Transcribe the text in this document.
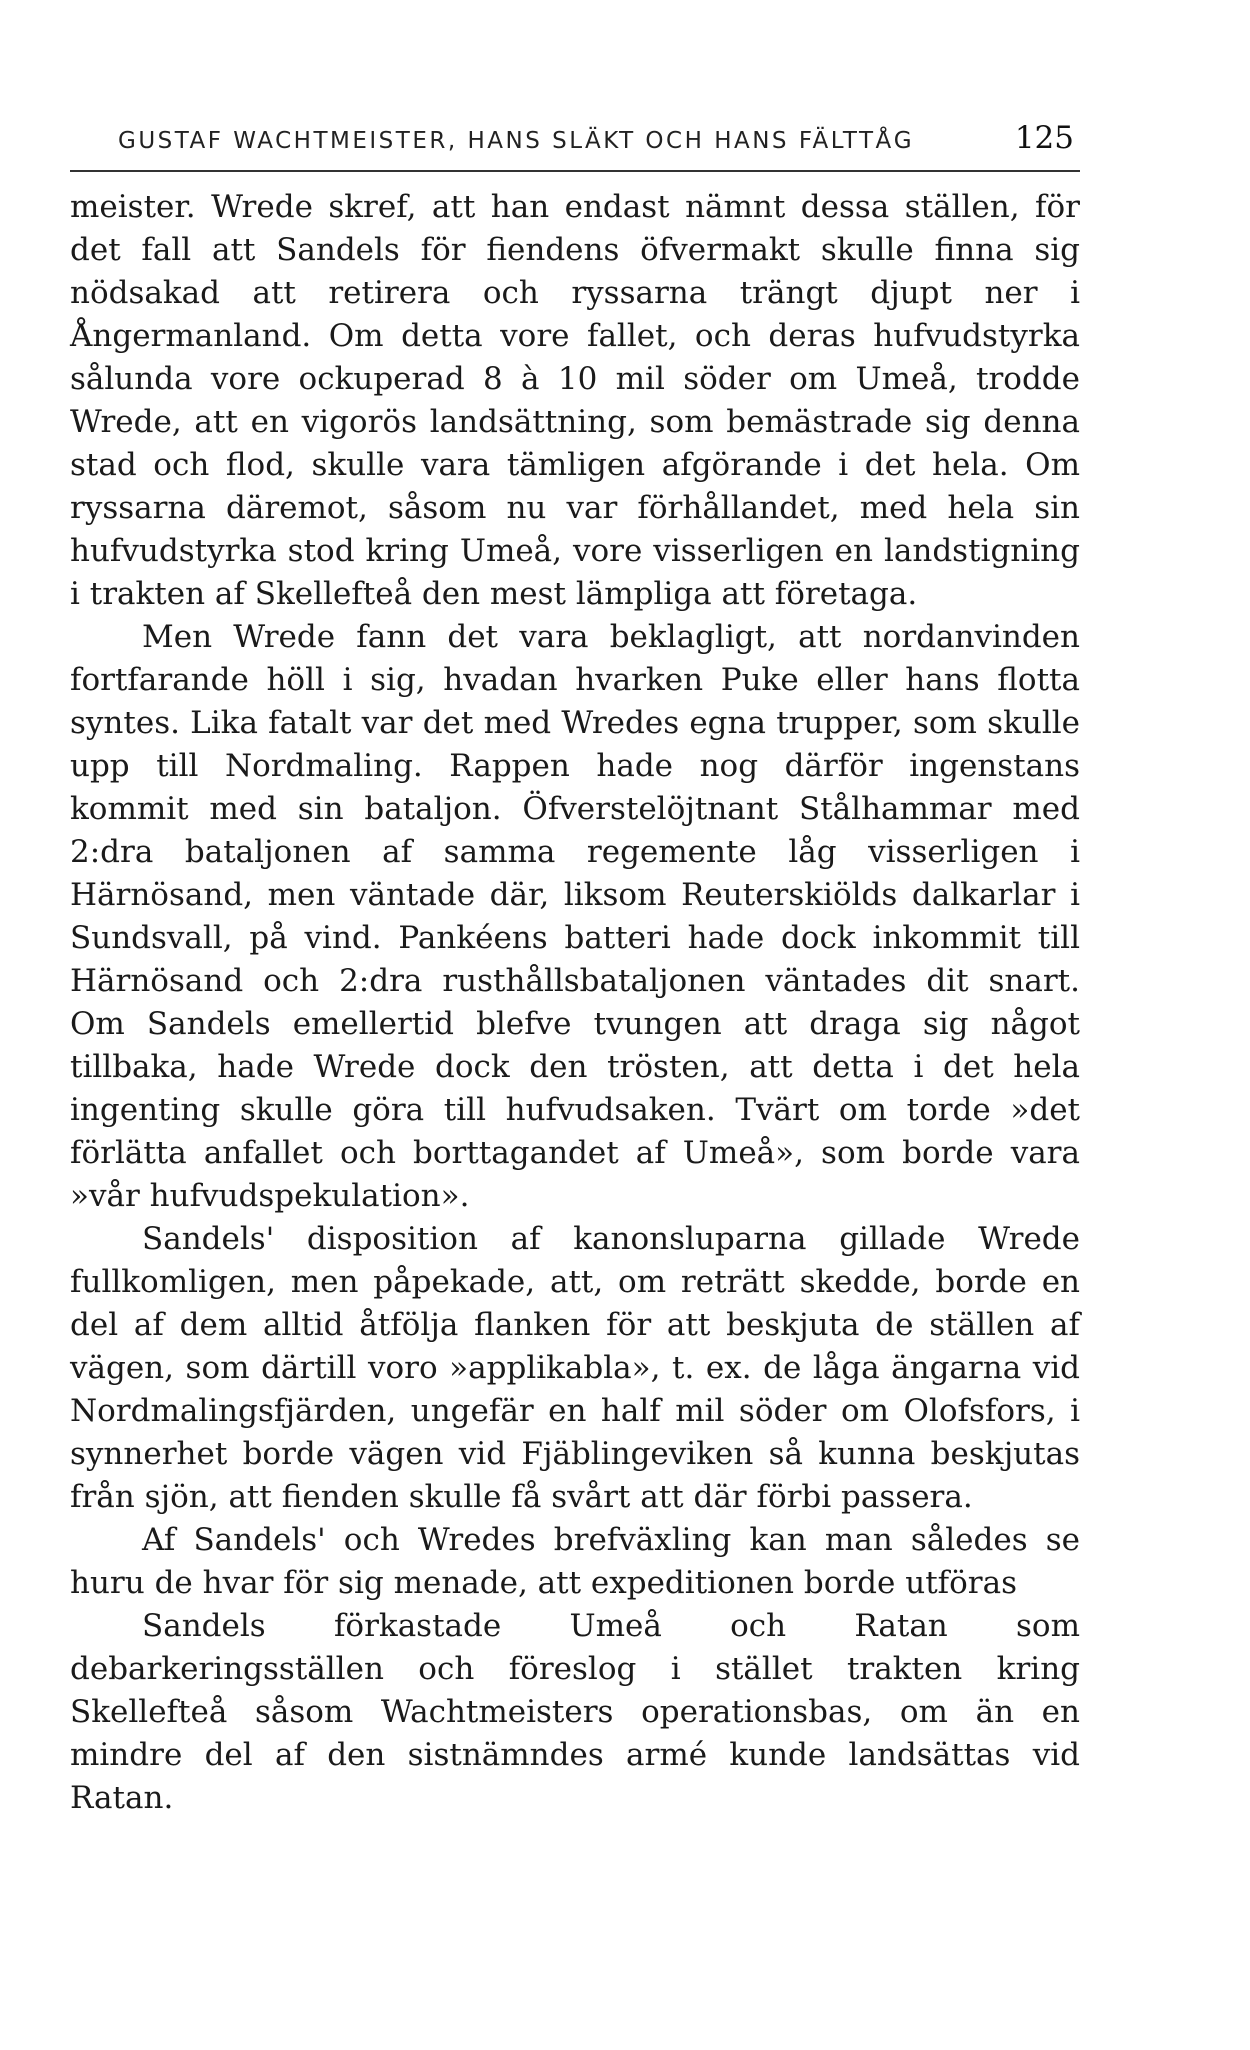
GUSTAF WACHTMEISTER, HANS SLÄKT OCH HANS FÄLTTÅG	125

meister. Wrede skref, att han endast nämnt dessa ställen, för det fall att Sandels för fiendens öfvermakt skulle finna sig nödsakad att retirera och ryssarna trängt djupt ner i Ångermanland. Om detta vore fallet, och deras hufvudstyrka sålunda vore ockuperad 8 à 10 mil söder om Umeå, trodde Wrede, att en vigorös landsättning, som bemästrade sig denna stad och flod, skulle vara tämligen afgörande i det hela. Om ryssarna däremot, såsom nu var förhållandet, med hela sin hufvudstyrka stod kring Umeå, vore visserligen en landstigning i trakten af Skellefteå den mest lämpliga att företaga.

Men Wrede fann det vara beklagligt, att nordanvinden fortfarande höll i sig, hvadan hvarken Puke eller hans flotta syntes. Lika fatalt var det med Wredes egna trupper, som skulle upp till Nordmaling. Rappen hade nog därför ingenstans kommit med sin bataljon. Öfverstelöjtnant Stålhammar med 2:dra bataljonen af samma regemente låg visserligen i Härnösand, men väntade där, liksom Reuterskiölds dalkarlar i Sundsvall, på vind. Pankéens batteri hade dock inkommit till Härnösand och 2:dra rusthållsbataljonen väntades dit snart. Om Sandels emellertid blefve tvungen att draga sig något tillbaka, hade Wrede dock den trösten, att detta i det hela ingenting skulle göra till hufvudsaken. Tvärt om torde »det förlätta anfallet och borttagandet af Umeå», som borde vara »vår hufvudspekulation».

Sandels' disposition af kanonsluparna gillade Wrede fullkomligen, men påpekade, att, om reträtt skedde, borde en del af dem alltid åtfölja flanken för att beskjuta de ställen af vägen, som därtill voro »applikabla», t. ex. de låga ängarna vid Nordmalingsfjärden, ungefär en half mil söder om Olofsfors, i synnerhet borde vägen vid Fjäblingeviken så kunna beskjutas från sjön, att fienden skulle få svårt att där förbi passera.

Af Sandels' och Wredes brefväxling kan man således se huru de hvar för sig menade, att expeditionen borde utföras

Sandels förkastade Umeå och Ratan som debarkeringsställen och föreslog i stället trakten kring Skellefteå såsom Wachtmeisters operationsbas, om än en mindre del af den sistnämndes armé kunde landsättas vid Ratan.
